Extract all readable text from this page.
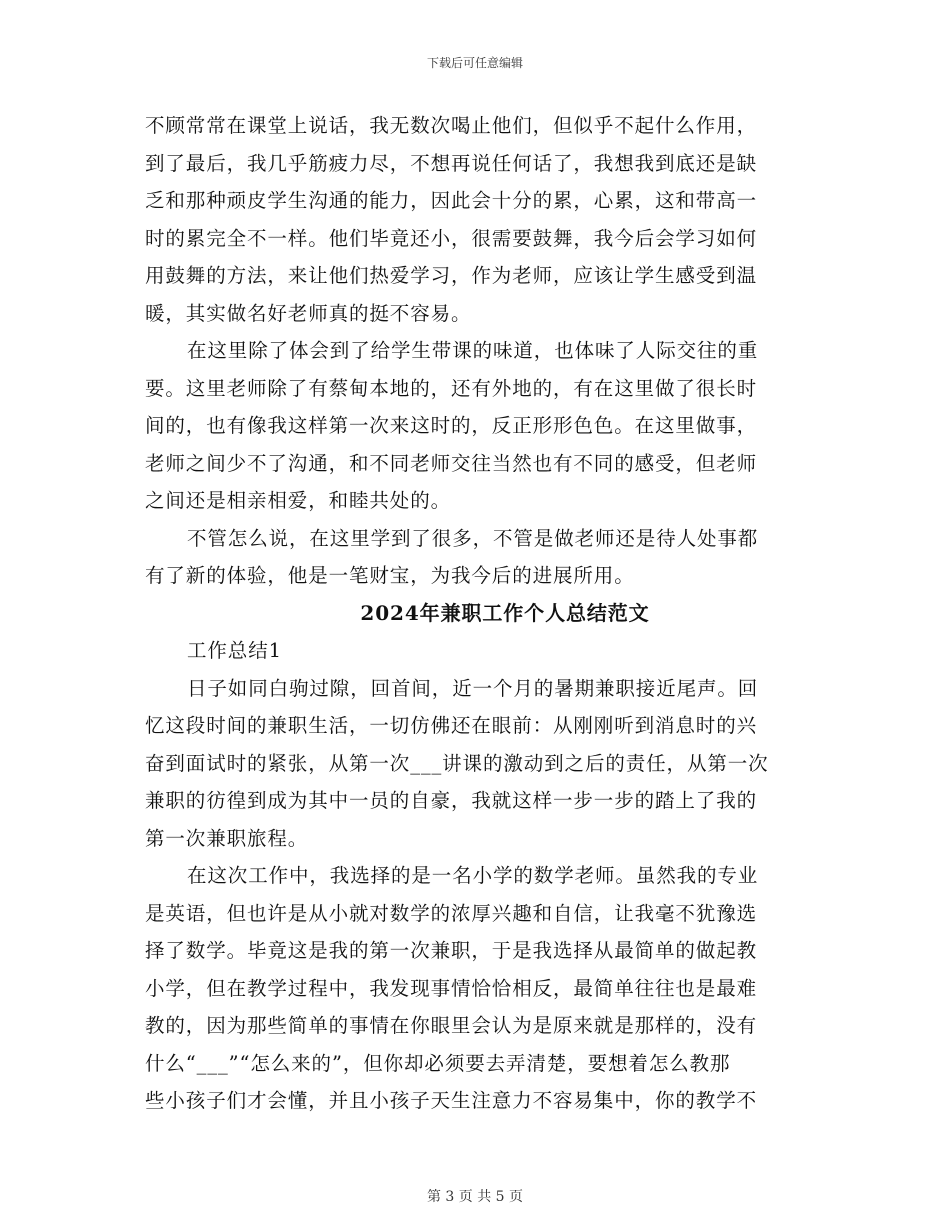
下载后可任意编辑
不顾常常在课堂上说话，我无数次喝止他们，但似乎不起什么作用，
到了最后，我几乎筋疲力尽，不想再说任何话了，我想我到底还是缺
乏和那种顽皮学生沟通的能力，因此会十分的累，心累，这和带高一
时的累完全不一样。他们毕竟还小，很需要鼓舞，我今后会学习如何
用鼓舞的方法，来让他们热爱学习，作为老师，应该让学生感受到温
暖，其实做名好老师真的挺不容易。
在这里除了体会到了给学生带课的味道，也体味了人际交往的重
要。这里老师除了有蔡甸本地的，还有外地的，有在这里做了很长时
间的，也有像我这样第一次来这时的，反正形形色色。在这里做事，
老师之间少不了沟通，和不同老师交往当然也有不同的感受，但老师
之间还是相亲相爱，和睦共处的。
不管怎么说，在这里学到了很多，不管是做老师还是待人处事都
有了新的体验，他是一笔财宝，为我今后的进展所用。
2024年兼职工作个人总结范文
工作总结1
日子如同白驹过隙，回首间，近一个月的暑期兼职接近尾声。回
忆这段时间的兼职生活，一切仿佛还在眼前：从刚刚听到消息时的兴
奋到面试时的紧张，从第一次___讲课的激动到之后的责任，从第一次
兼职的彷徨到成为其中一员的自豪，我就这样一步一步的踏上了我的
第一次兼职旅程。
在这次工作中，我选择的是一名小学的数学老师。虽然我的专业
是英语，但也许是从小就对数学的浓厚兴趣和自信，让我毫不犹豫选
择了数学。毕竟这是我的第一次兼职，于是我选择从最简单的做起教
小学，但在教学过程中，我发现事情恰恰相反，最简单往往也是最难
教的，因为那些简单的事情在你眼里会认为是原来就是那样的，没有
什么“___”“怎么来的”，但你却必须要去弄清楚，要想着怎么教那
些小孩子们才会懂，并且小孩子天生注意力不容易集中，你的教学不
第 3 页 共 5 页
